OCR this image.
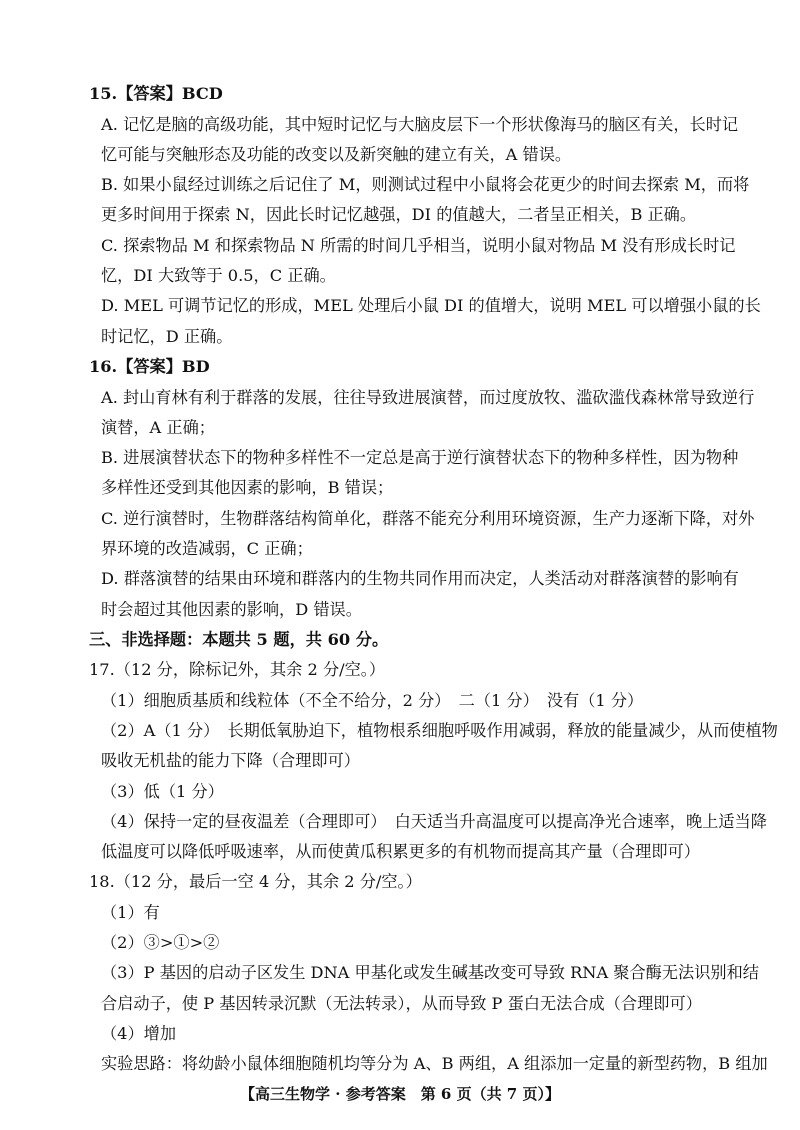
15.【答案】BCD
A. 记忆是脑的高级功能，其中短时记忆与大脑皮层下一个形状像海马的脑区有关，长时记
忆可能与突触形态及功能的改变以及新突触的建立有关，A 错误。
B. 如果小鼠经过训练之后记住了 M，则测试过程中小鼠将会花更少的时间去探索 M，而将
更多时间用于探索 N，因此长时记忆越强，DI 的值越大，二者呈正相关，B 正确。
C. 探索物品 M 和探索物品 N 所需的时间几乎相当，说明小鼠对物品 M 没有形成长时记
忆，DI 大致等于 0.5，C 正确。
D. MEL 可调节记忆的形成，MEL 处理后小鼠 DI 的值增大，说明 MEL 可以增强小鼠的长
时记忆，D 正确。
16.【答案】BD
A. 封山育林有利于群落的发展，往往导致进展演替，而过度放牧、滥砍滥伐森林常导致逆行
演替，A 正确；
B. 进展演替状态下的物种多样性不一定总是高于逆行演替状态下的物种多样性，因为物种
多样性还受到其他因素的影响，B 错误；
C. 逆行演替时，生物群落结构简单化，群落不能充分利用环境资源，生产力逐渐下降，对外
界环境的改造减弱，C 正确；
D. 群落演替的结果由环境和群落内的生物共同作用而决定，人类活动对群落演替的影响有
时会超过其他因素的影响，D 错误。
三、非选择题：本题共 5 题，共 60 分。
17.（12 分，除标记外，其余 2 分/空。）
（1）细胞质基质和线粒体（不全不给分，2 分）　二（1 分）　没有（1 分）
（2）A（1 分）　长期低氧胁迫下，植物根系细胞呼吸作用减弱，释放的能量减少，从而使植物
吸收无机盐的能力下降（合理即可）
（3）低（1 分）
（4）保持一定的昼夜温差（合理即可）　白天适当升高温度可以提高净光合速率，晚上适当降
低温度可以降低呼吸速率，从而使黄瓜积累更多的有机物而提高其产量（合理即可）
18.（12 分，最后一空 4 分，其余 2 分/空。）
（1）有
（2）③>①>②
（3）P 基因的启动子区发生 DNA 甲基化或发生碱基改变可导致 RNA 聚合酶无法识别和结
合启动子，使 P 基因转录沉默（无法转录），从而导致 P 蛋白无法合成（合理即可）
（4）增加
实验思路：将幼龄小鼠体细胞随机均等分为 A、B 两组，A 组添加一定量的新型药物，B 组加
【高三生物学 · 参考答案　第 6 页（共 7 页）】
